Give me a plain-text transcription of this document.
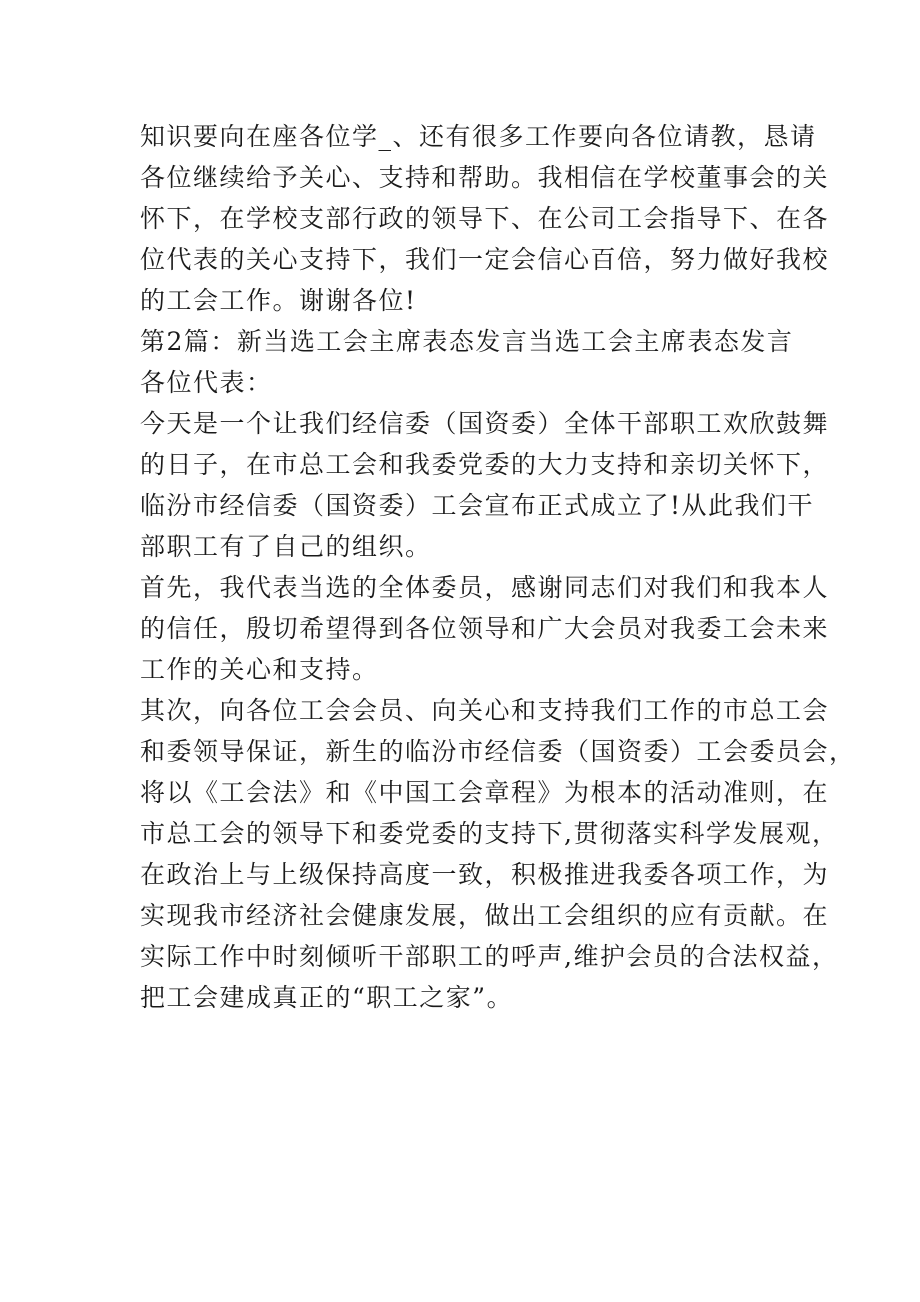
知识要向在座各位学_、还有很多工作要向各位请教，恳请
各位继续给予关心、支持和帮助。我相信在学校董事会的关
怀下，在学校支部行政的领导下、在公司工会指导下、在各
位代表的关心支持下，我们一定会信心百倍，努力做好我校
的工会工作。谢谢各位!
第2篇：新当选工会主席表态发言当选工会主席表态发言
各位代表：
今天是一个让我们经信委（国资委）全体干部职工欢欣鼓舞
的日子，在市总工会和我委党委的大力支持和亲切关怀下，
临汾市经信委（国资委）工会宣布正式成立了!从此我们干
部职工有了自己的组织。
首先，我代表当选的全体委员，感谢同志们对我们和我本人
的信任，殷切希望得到各位领导和广大会员对我委工会未来
工作的关心和支持。
其次，向各位工会会员、向关心和支持我们工作的市总工会
和委领导保证，新生的临汾市经信委（国资委）工会委员会，
将以《工会法》和《中国工会章程》为根本的活动准则，在
市总工会的领导下和委党委的支持下,贯彻落实科学发展观，
在政治上与上级保持高度一致，积极推进我委各项工作，为
实现我市经济社会健康发展，做出工会组织的应有贡献。在
实际工作中时刻倾听干部职工的呼声,维护会员的合法权益，
把工会建成真正的“职工之家”。
